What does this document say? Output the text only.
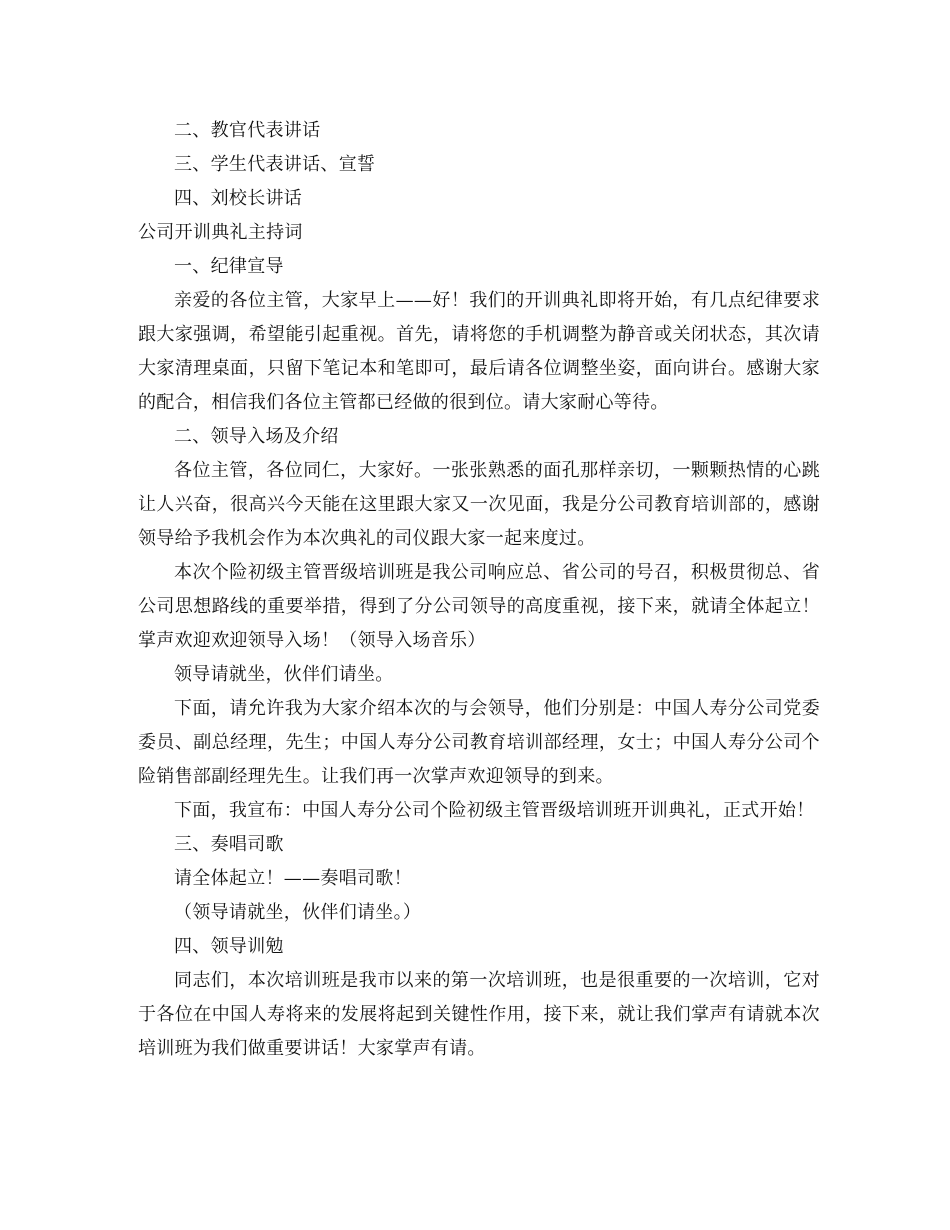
二、教官代表讲话

三、学生代表讲话、宣誓

四、刘校长讲话

公司开训典礼主持词

一、纪律宣导

亲爱的各位主管，大家早上——好！我们的开训典礼即将开始，有几点纪律要求跟大家强调，希望能引起重视。首先，请将您的手机调整为静音或关闭状态，其次请大家清理桌面，只留下笔记本和笔即可，最后请各位调整坐姿，面向讲台。感谢大家的配合，相信我们各位主管都已经做的很到位。请大家耐心等待。

二、领导入场及介绍

各位主管，各位同仁，大家好。一张张熟悉的面孔那样亲切，一颗颗热情的心跳让人兴奋，很高兴今天能在这里跟大家又一次见面，我是分公司教育培训部的，感谢领导给予我机会作为本次典礼的司仪跟大家一起来度过。

本次个险初级主管晋级培训班是我公司响应总、省公司的号召，积极贯彻总、省公司思想路线的重要举措，得到了分公司领导的高度重视，接下来，就请全体起立！掌声欢迎欢迎领导入场！（领导入场音乐）

领导请就坐，伙伴们请坐。

下面，请允许我为大家介绍本次的与会领导，他们分别是：中国人寿分公司党委委员、副总经理，先生；中国人寿分公司教育培训部经理，女士；中国人寿分公司个险销售部副经理先生。让我们再一次掌声欢迎领导的到来。

下面，我宣布：中国人寿分公司个险初级主管晋级培训班开训典礼，正式开始！

三、奏唱司歌

请全体起立！——奏唱司歌！

（领导请就坐，伙伴们请坐。）

四、领导训勉

同志们，本次培训班是我市以来的第一次培训班，也是很重要的一次培训，它对于各位在中国人寿将来的发展将起到关键性作用，接下来，就让我们掌声有请就本次培训班为我们做重要讲话！大家掌声有请。
